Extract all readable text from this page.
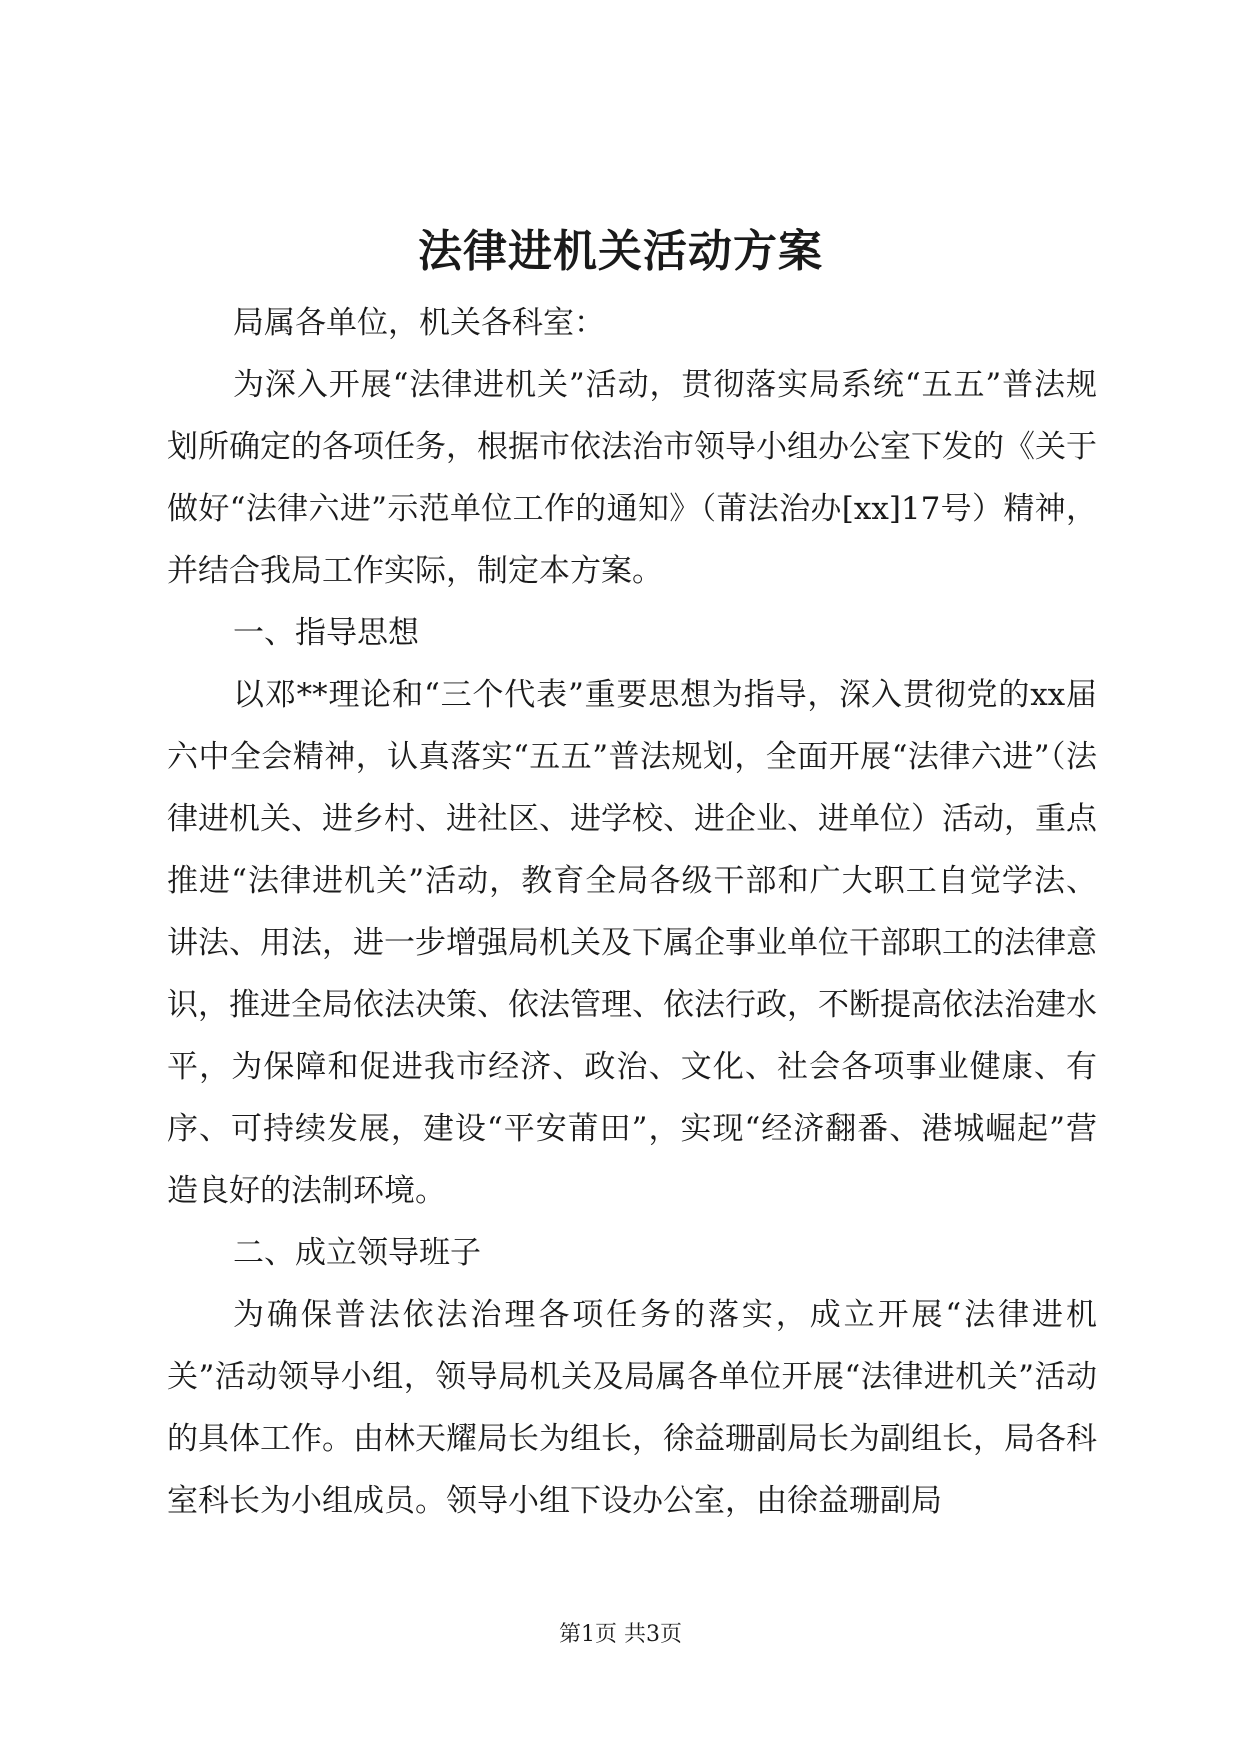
法律进机关活动方案

局属各单位，机关各科室：

为深入开展“法律进机关”活动，贯彻落实局系统“五五”普法规划所确定的各项任务，根据市依法治市领导小组办公室下发的《关于做好“法律六进”示范单位工作的通知》（莆法治办[xx]17号）精神，并结合我局工作实际，制定本方案。

一、指导思想

以邓**理论和“三个代表”重要思想为指导，深入贯彻党的xx届六中全会精神，认真落实“五五”普法规划，全面开展“法律六进”（法律进机关、进乡村、进社区、进学校、进企业、进单位）活动，重点推进“法律进机关”活动，教育全局各级干部和广大职工自觉学法、讲法、用法，进一步增强局机关及下属企事业单位干部职工的法律意识，推进全局依法决策、依法管理、依法行政，不断提高依法治建水平，为保障和促进我市经济、政治、文化、社会各项事业健康、有序、可持续发展，建设“平安莆田”，实现“经济翻番、港城崛起”营造良好的法制环境。

二、成立领导班子

为确保普法依法治理各项任务的落实，成立开展“法律进机关”活动领导小组，领导局机关及局属各单位开展“法律进机关”活动的具体工作。由林天耀局长为组长，徐益珊副局长为副组长，局各科室科长为小组成员。领导小组下设办公室，由徐益珊副局

第1页 共3页
